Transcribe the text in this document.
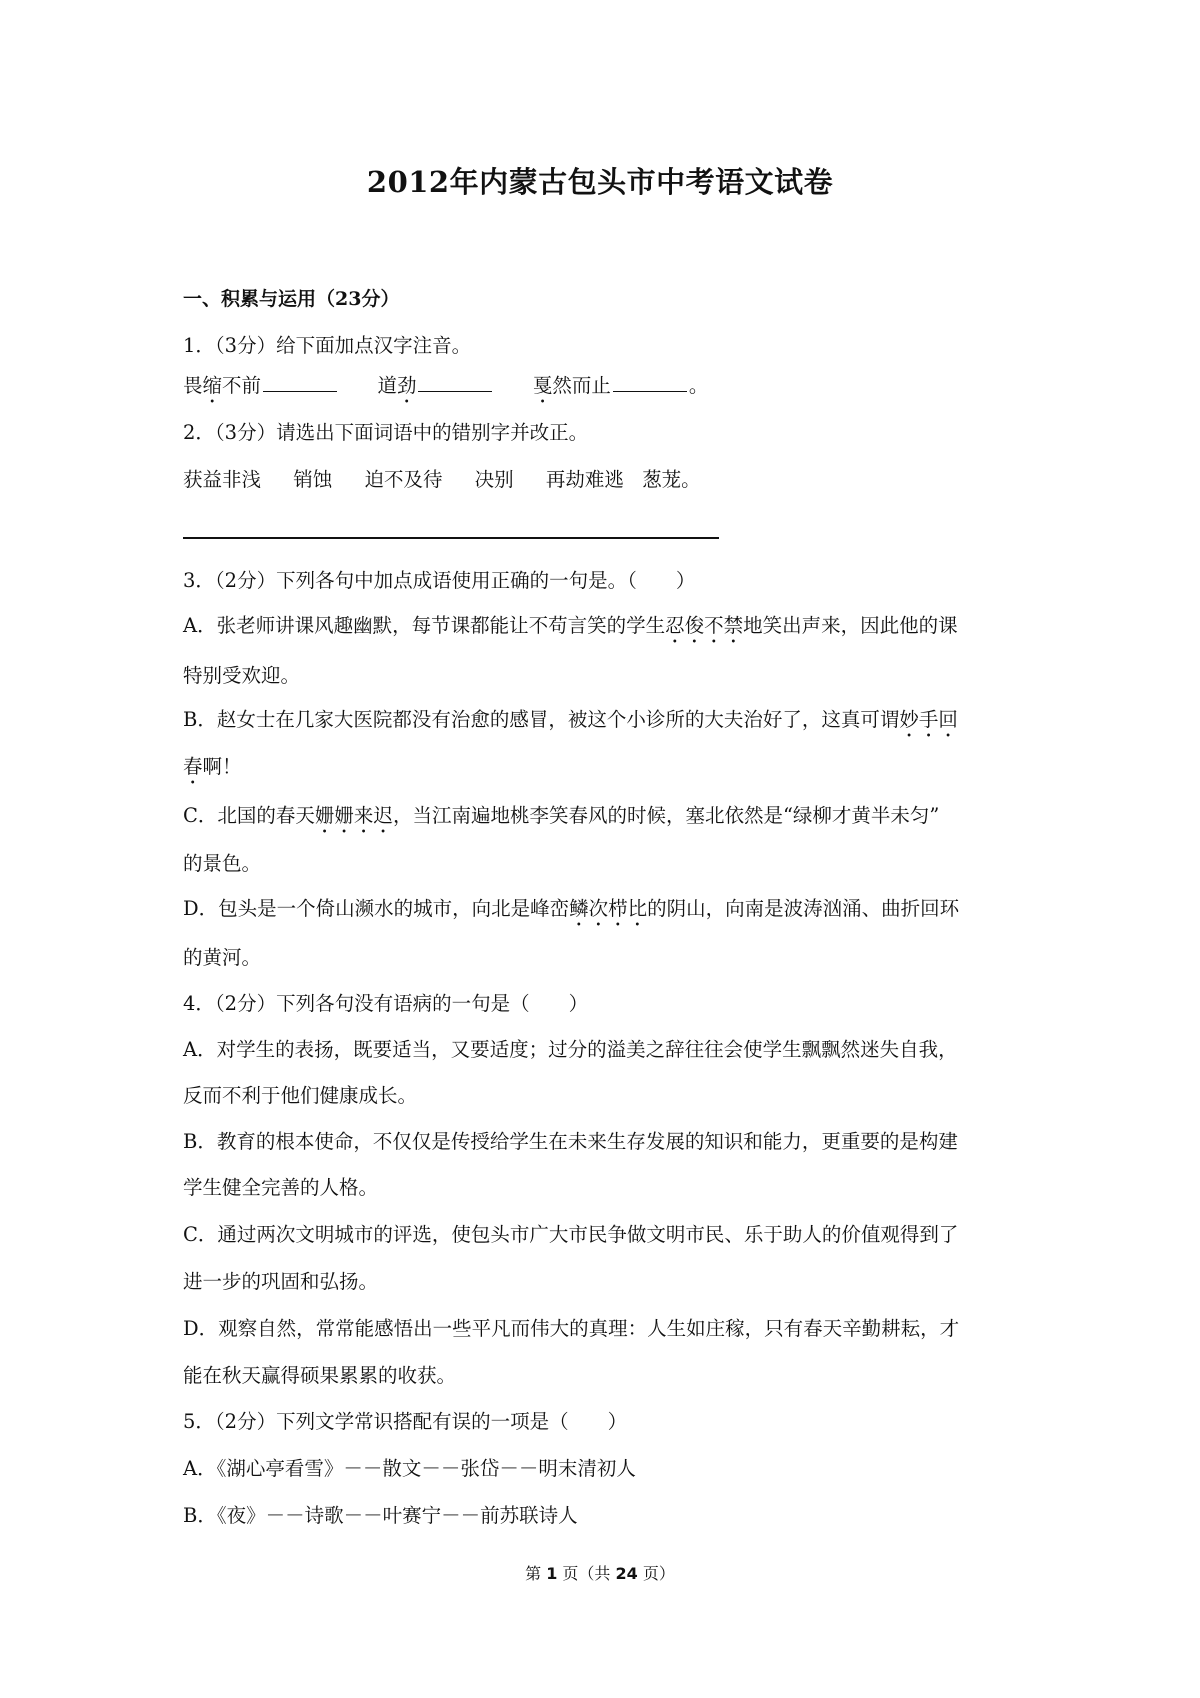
2012年内蒙古包头市中考语文试卷
一、积累与运用（23分）
1．（3分）给下面加点汉字注音。
畏缩不前	道劲	戛然而止	。
2．（3分）请选出下面词语中的错别字并改正。
获益非浅 销蚀 迫不及待 决别 再劫难逃 葱茏。
3．（2分）下列各句中加点成语使用正确的一句是。（　　）
A．张老师讲课风趣幽默，每节课都能让不苟言笑的学生忍俊不禁地笑出声来，因此他的课
特别受欢迎。
B．赵女士在几家大医院都没有治愈的感冒，被这个小诊所的大夫治好了，这真可谓妙手回
春啊！
C．北国的春天姗姗来迟，当江南遍地桃李笑春风的时候，塞北依然是“绿柳才黄半未匀”
的景色。
D．包头是一个倚山濒水的城市，向北是峰峦鳞次栉比的阴山，向南是波涛汹涌、曲折回环
的黄河。
4．（2分）下列各句没有语病的一句是（　　）
A．对学生的表扬，既要适当，又要适度；过分的溢美之辞往往会使学生飘飘然迷失自我，
反而不利于他们健康成长。
B．教育的根本使命，不仅仅是传授给学生在未来生存发展的知识和能力，更重要的是构建
学生健全完善的人格。
C．通过两次文明城市的评选，使包头市广大市民争做文明市民、乐于助人的价值观得到了
进一步的巩固和弘扬。
D．观察自然，常常能感悟出一些平凡而伟大的真理：人生如庄稼，只有春天辛勤耕耘，才
能在秋天赢得硕果累累的收获。
5．（2分）下列文学常识搭配有误的一项是（　　）
A．《湖心亭看雪》－－散文－－张岱－－明末清初人
B．《夜》－－诗歌－－叶赛宁－－前苏联诗人
第 1 页（共 24 页）
